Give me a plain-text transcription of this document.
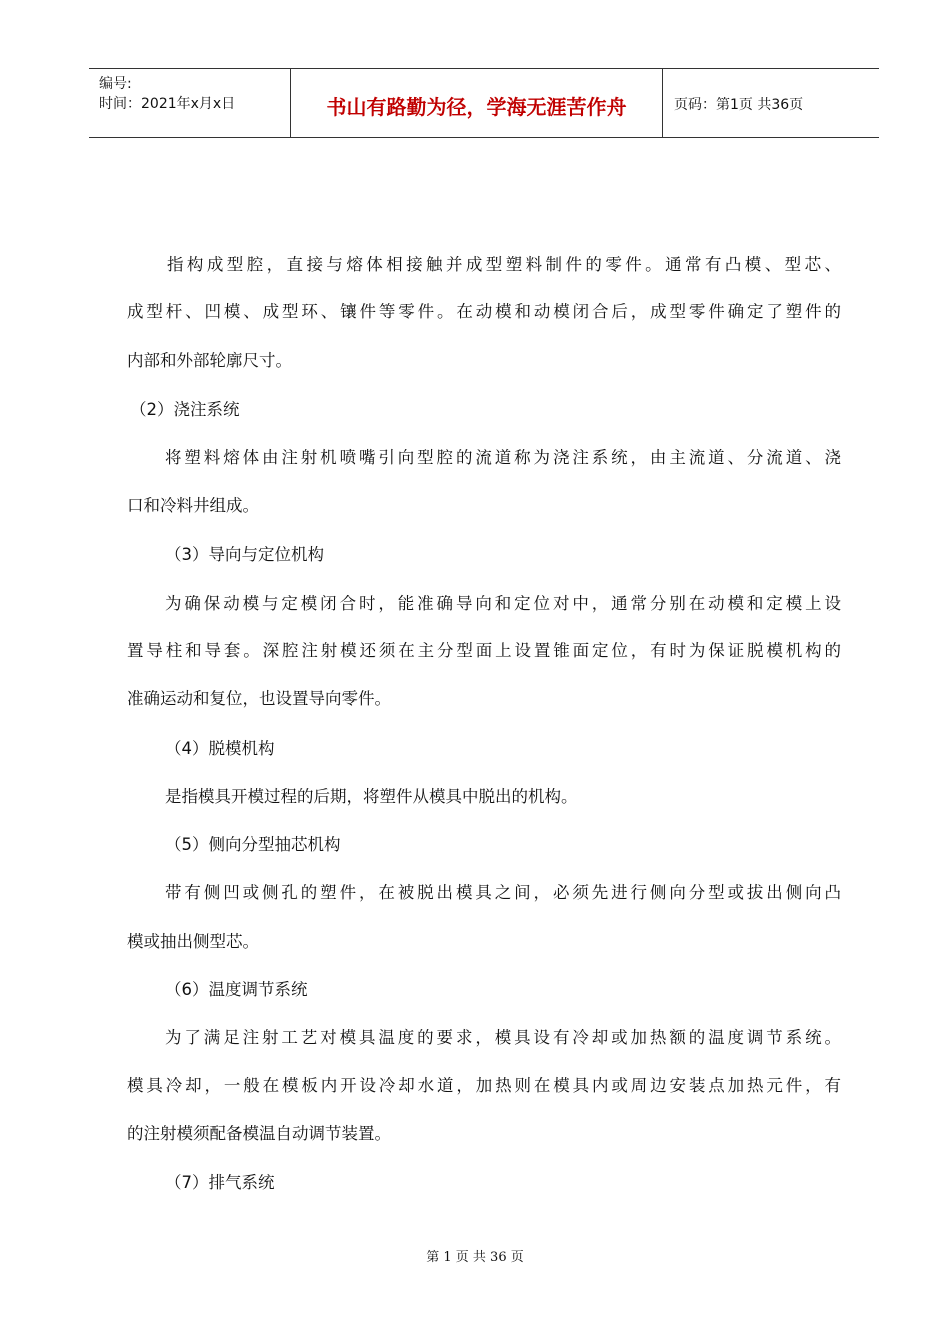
编号:
时间：2021年x月x日	书山有路勤为径，学海无涯苦作舟	页码：第1页 共36页
指构成型腔，直接与熔体相接触并成型塑料制件的零件。通常有凸模、型芯、
成型杆、凹模、成型环、镶件等零件。在动模和动模闭合后，成型零件确定了塑件的
内部和外部轮廓尺寸。
（2）浇注系统
将塑料熔体由注射机喷嘴引向型腔的流道称为浇注系统，由主流道、分流道、浇
口和冷料井组成。
（3）导向与定位机构
为确保动模与定模闭合时，能准确导向和定位对中，通常分别在动模和定模上设
置导柱和导套。深腔注射模还须在主分型面上设置锥面定位，有时为保证脱模机构的
准确运动和复位，也设置导向零件。
（4）脱模机构
是指模具开模过程的后期，将塑件从模具中脱出的机构。
（5）侧向分型抽芯机构
带有侧凹或侧孔的塑件，在被脱出模具之间，必须先进行侧向分型或拔出侧向凸
模或抽出侧型芯。
（6）温度调节系统
为了满足注射工艺对模具温度的要求，模具设有冷却或加热额的温度调节系统。
模具冷却，一般在模板内开设冷却水道，加热则在模具内或周边安装点加热元件，有
的注射模须配备模温自动调节装置。
（7）排气系统
第 1 页 共 36 页
